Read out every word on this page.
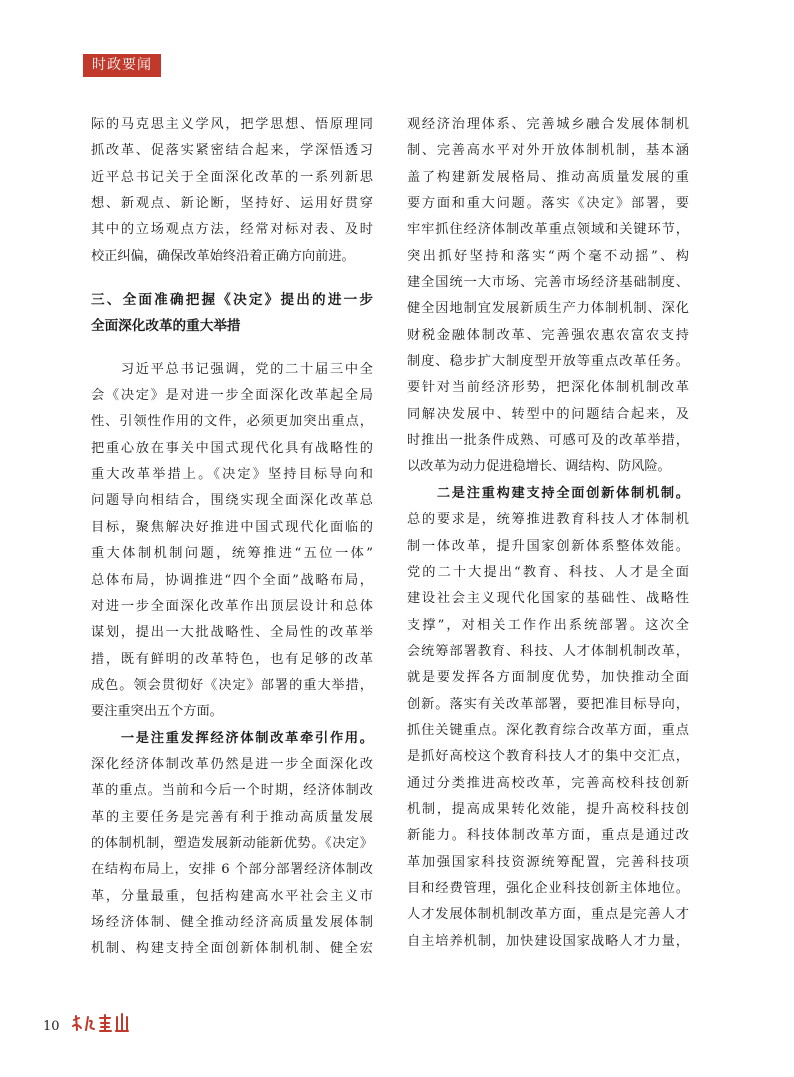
时政要闻
际的马克思主义学风，把学思想、悟原理同
抓改革、促落实紧密结合起来，学深悟透习
近平总书记关于全面深化改革的一系列新思
想、新观点、新论断，坚持好、运用好贯穿
其中的立场观点方法，经常对标对表、及时
校正纠偏，确保改革始终沿着正确方向前进。
三、全面准确把握《决定》提出的进一步
全面深化改革的重大举措
　　习近平总书记强调，党的二十届三中全
会《决定》是对进一步全面深化改革起全局
性、引领性作用的文件，必须更加突出重点，
把重心放在事关中国式现代化具有战略性的
重大改革举措上。《决定》坚持目标导向和
问题导向相结合，围绕实现全面深化改革总
目标，聚焦解决好推进中国式现代化面临的
重大体制机制问题，统筹推进“五位一体”
总体布局，协调推进“四个全面”战略布局，
对进一步全面深化改革作出顶层设计和总体
谋划，提出一大批战略性、全局性的改革举
措，既有鲜明的改革特色，也有足够的改革
成色。领会贯彻好《决定》部署的重大举措，
要注重突出五个方面。
　　一是注重发挥经济体制改革牵引作用。
深化经济体制改革仍然是进一步全面深化改
革的重点。当前和今后一个时期，经济体制改
革的主要任务是完善有利于推动高质量发展
的体制机制，塑造发展新动能新优势。《决定》
在结构布局上，安排 6 个部分部署经济体制改
革，分量最重，包括构建高水平社会主义市
场经济体制、健全推动经济高质量发展体制
机制、构建支持全面创新体制机制、健全宏
观经济治理体系、完善城乡融合发展体制机
制、完善高水平对外开放体制机制，基本涵
盖了构建新发展格局、推动高质量发展的重
要方面和重大问题。落实《决定》部署，要
牢牢抓住经济体制改革重点领域和关键环节，
突出抓好坚持和落实“两个毫不动摇”、构
建全国统一大市场、完善市场经济基础制度、
健全因地制宜发展新质生产力体制机制、深化
财税金融体制改革、完善强农惠农富农支持
制度、稳步扩大制度型开放等重点改革任务。
要针对当前经济形势，把深化体制机制改革
同解决发展中、转型中的问题结合起来，及
时推出一批条件成熟、可感可及的改革举措，
以改革为动力促进稳增长、调结构、防风险。
　　二是注重构建支持全面创新体制机制。
总的要求是，统筹推进教育科技人才体制机
制一体改革，提升国家创新体系整体效能。
党的二十大提出“教育、科技、人才是全面
建设社会主义现代化国家的基础性、战略性
支撑”，对相关工作作出系统部署。这次全
会统筹部署教育、科技、人才体制机制改革，
就是要发挥各方面制度优势，加快推动全面
创新。落实有关改革部署，要把准目标导向，
抓住关键重点。深化教育综合改革方面，重点
是抓好高校这个教育科技人才的集中交汇点，
通过分类推进高校改革，完善高校科技创新
机制，提高成果转化效能，提升高校科技创
新能力。科技体制改革方面，重点是通过改
革加强国家科技资源统筹配置，完善科技项
目和经费管理，强化企业科技创新主体地位。
人才发展体制机制改革方面，重点是完善人才
自主培养机制，加快建设国家战略人才力量，
10
